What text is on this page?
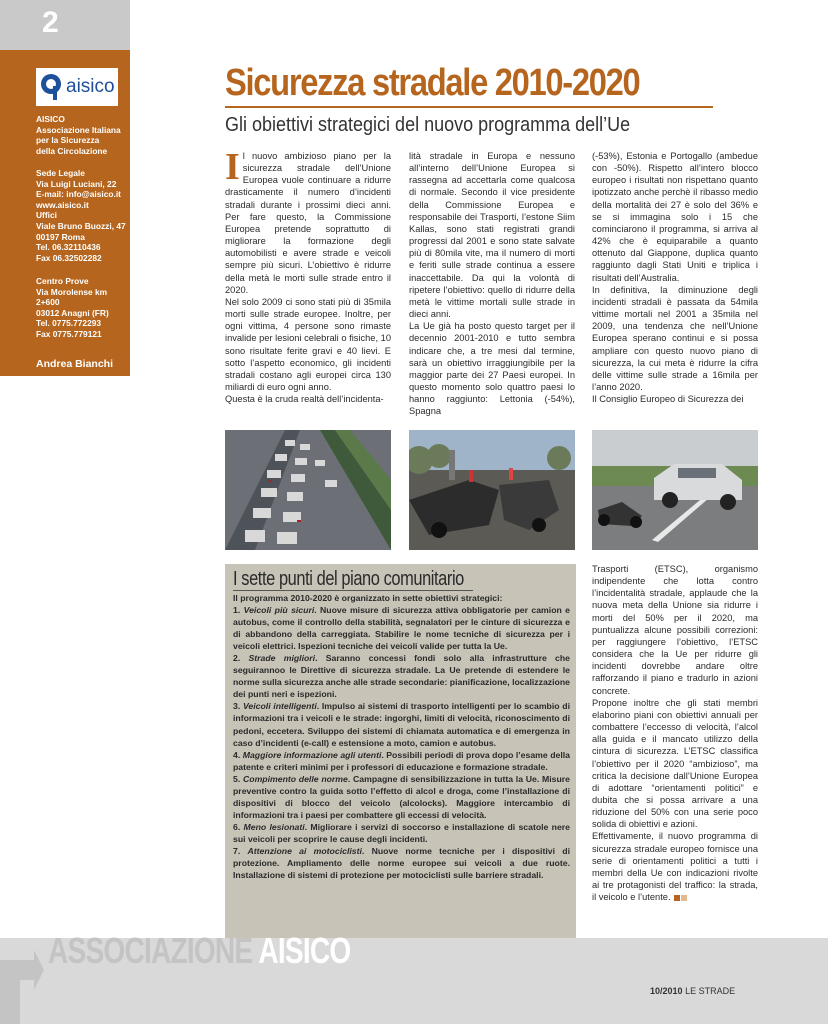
2
aisico
AISICO
Associazione Italiana
per la Sicurezza
della Circolazione
Sede Legale
Via Luigi Luciani, 22
E-mail: info@aisico.it
www.aisico.it
Uffici
Viale Bruno Buozzi, 47
00197 Roma
Tel. 06.32110436
Fax 06.32502282
Centro Prove
Via Morolense km
2+600
03012 Anagni (FR)
Tel. 0775.772293
Fax 0775.779121
Andrea Bianchi
Sicurezza stradale 2010-2020
Gli obiettivi strategici del nuovo programma dell’Ue
I l nuovo ambizioso piano per la sicurezza stradale dell’Unione Europea vuole continuare a ridurre drasticamente il numero d’incidenti stradali durante i prossimi dieci anni. Per fare questo, la Commissione Europea pretende soprattutto di migliorare la formazione degli automobilisti e avere strade e veicoli sempre più sicuri. L’obiettivo è ridurre della metà le morti sulle strade entro il 2020.

Nel solo 2009 ci sono stati più di 35mila morti sulle strade europee. Inoltre, per ogni vittima, 4 persone sono rimaste invalide per lesioni celebrali o fisiche, 10 sono risultate ferite gravi e 40 lievi. E sotto l’aspetto economico, gli incidenti stradali costano agli europei circa 130 miliardi di euro ogni anno.

Questa è la cruda realtà dell’incidenta-

lità stradale in Europa e nessuno all’interno dell’Unione Europea si rassegna ad accettarla come qualcosa di normale. Secondo il vice presidente della Commissione Europea e responsabile dei Trasporti, l’estone Siim Kallas, sono stati registrati grandi progressi dal 2001 e sono state salvate più di 80mila vite, ma il numero di morti e feriti sulle strade continua a essere inaccettabile. Da qui la volontà di ripetere l’obiettivo: quello di ridurre della metà le vittime mortali sulle strade in dieci anni.

La Ue già ha posto questo target per il decennio 2001-2010 e tutto sembra indicare che, a tre mesi dal termine, sarà un obiettivo irraggiungibile per la maggior parte dei 27 Paesi europei. In questo momento solo quattro paesi lo hanno raggiunto: Lettonia (-54%), Spagna

(-53%), Estonia e Portogallo (ambedue con -50%). Rispetto all’intero blocco europeo i risultati non rispettano quanto ipotizzato anche perchè il ribasso medio della mortalità dei 27 è solo del 36% e se si immagina solo i 15 che cominciarono il programma, si arriva al 42% che è equiparabile a quanto ottenuto dal Giappone, duplica quanto raggiunto dagli Stati Uniti e triplica i risultati dell’Australia.

In definitiva, la diminuzione degli incidenti stradali è passata da 54mila vittime mortali nel 2001 a 35mila nel 2009, una tendenza che nell’Unione Europea sperano continui e si possa ampliare con questo nuovo piano di sicurezza, la cui meta è ridurre la cifra delle vittime sulle strade a 16mila per l’anno 2020.

Il Consiglio Europeo di Sicurezza dei

Trasporti (ETSC), organismo indipendente che lotta contro l’incidentalità stradale, applaude che la nuova meta della Unione sia ridurre i morti del 50% per il 2020, ma puntualizza alcune possibili correzioni: per raggiungere l’obiettivo, l’ETSC considera che la Ue per ridurre gli incidenti dovrebbe andare oltre rafforzando il piano e tradurlo in azioni concrete.

Propone inoltre che gli stati membri elaborino piani con obiettivi annuali per combattere l’eccesso di velocità, l’alcol alla guida e il mancato utilizzo della cintura di sicurezza. L’ETSC classifica l’obiettivo per il 2020 “ambizioso”, ma critica la decisione dall’Unione Europea di adottare “orientamenti politici” e dubita che si possa arrivare a una riduzione del 50% con una serie poco solida di obiettivi e azioni.

Effettivamente, il nuovo programma di sicurezza stradale europeo fornisce una serie di orientamenti politici a tutti i membri della Ue con indicazioni rivolte ai tre protagonisti del traffico: la strada, il veicolo e l’utente.

I sette punti del piano comunitario

Il programma 2010-2020 è organizzato in sette obiettivi strategici:

1. Veicoli più sicuri. Nuove misure di sicurezza attiva obbligatorie per camion e autobus, come il controllo della stabilità, segnalatori per le cinture di sicurezza e di abbandono della carreggiata. Stabilire le nome tecniche di sicurezza per i veicoli elettrici. Ispezioni tecniche dei veicoli valide per tutta la Ue.

2. Strade migliori. Saranno concessi fondi solo alla infrastrutture che seguirannoo le Direttive di sicurezza stradale. La Ue pretende di estendere le norme sulla sicurezza anche alle strade secondarie: pianificazione, localizzazione dei punti neri e ispezioni.

3. Veicoli intelligenti. Impulso ai sistemi di trasporto intelligenti per lo scambio di informazioni tra i veicoli e le strade: ingorghi, limiti di velocità, riconoscimento di pedoni, eccetera. Sviluppo dei sistemi di chiamata automatica e di emergenza in caso d’incidenti (e-call) e estensione a moto, camion e autobus.

4. Maggiore informazione agli utenti. Possibili periodi di prova dopo l’esame della patente e criteri minimi per i professori di educazione e formazione stradale.

5. Compimento delle norme. Campagne di sensibilizzazione in tutta la Ue. Misure preventive contro la guida sotto l’effetto di alcol e droga, come l’installazione di dispositivi di blocco del veicolo (alcolocks). Maggiore intercambio di informazioni tra i paesi per combattere gli eccessi di velocità.

6. Meno lesionati. Migliorare i servizi di soccorso e installazione di scatole nere sui veicoli per scoprire le cause degli incidenti.

7. Attenzione ai motociclisti. Nuove norme tecniche per i dispositivi di protezione. Ampliamento delle norme europee sui veicoli a due ruote. Installazione di sistemi di protezione per motociclisti sulle barriere stradali.

ASSOCIAZIONE AISICO
10/2010 LE STRADE
